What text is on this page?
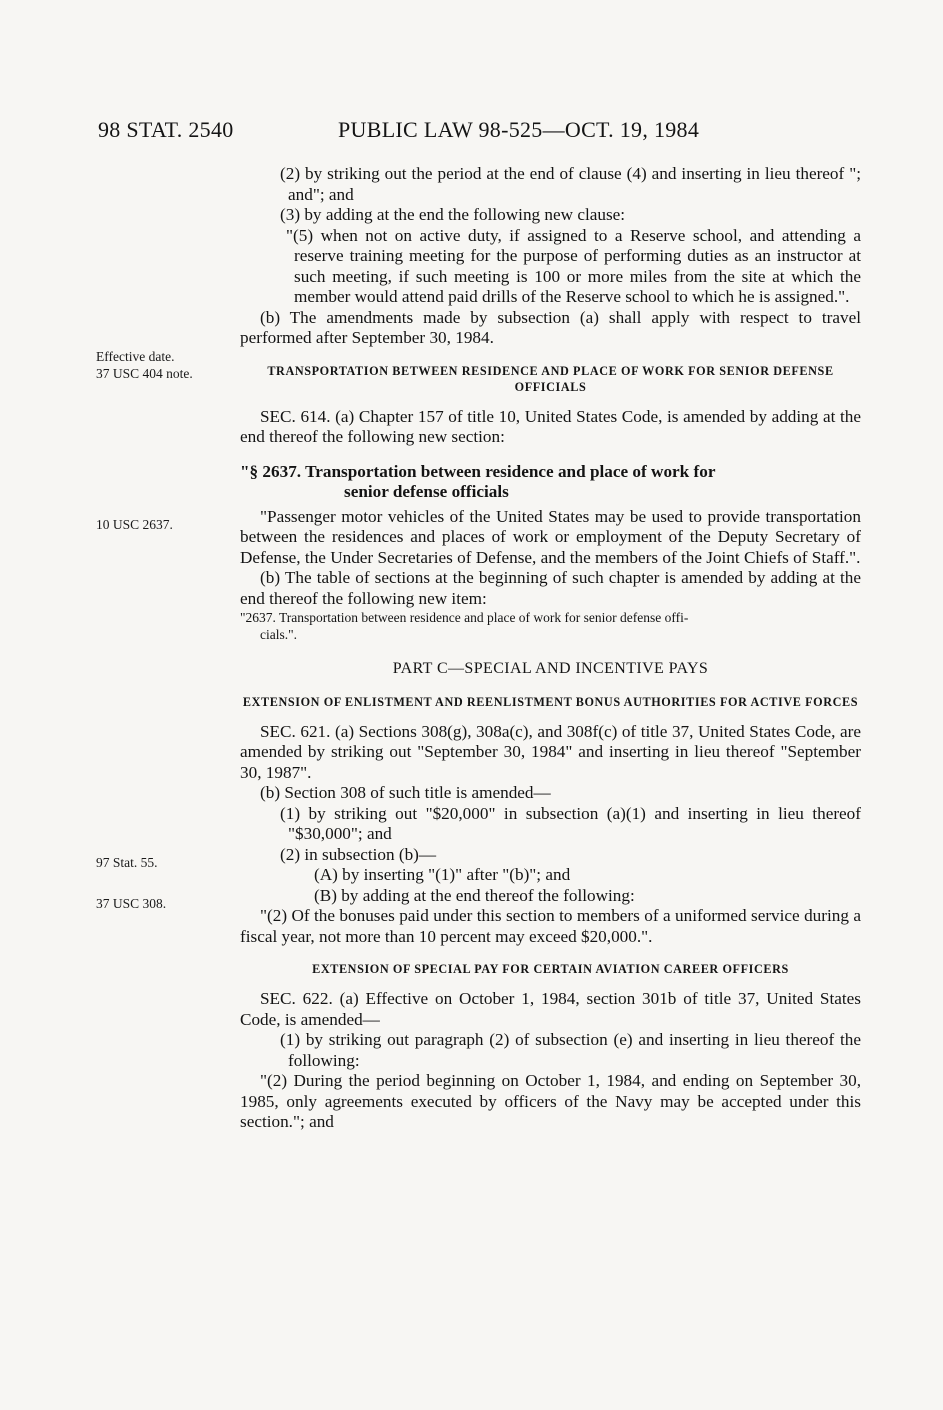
98 STAT. 2540	PUBLIC LAW 98-525—OCT. 19, 1984
Effective date.
37 USC 404 note.
10 USC 2637.
97 Stat. 55.
37 USC 308.

(2) by striking out the period at the end of clause (4) and inserting in lieu thereof "; and"; and

(3) by adding at the end the following new clause:

"(5) when not on active duty, if assigned to a Reserve school, and attending a reserve training meeting for the purpose of performing duties as an instructor at such meeting, if such meeting is 100 or more miles from the site at which the member would attend paid drills of the Reserve school to which he is assigned.".

(b) The amendments made by subsection (a) shall apply with respect to travel performed after September 30, 1984.

TRANSPORTATION BETWEEN RESIDENCE AND PLACE OF WORK FOR SENIOR DEFENSE OFFICIALS

SEC. 614. (a) Chapter 157 of title 10, United States Code, is amended by adding at the end thereof the following new section:

"§ 2637. Transportation between residence and place of work for
senior defense officials

"Passenger motor vehicles of the United States may be used to provide transportation between the residences and places of work or employment of the Deputy Secretary of Defense, the Under Secretaries of Defense, and the members of the Joint Chiefs of Staff.".

(b) The table of sections at the beginning of such chapter is amended by adding at the end thereof the following new item:

"2637. Transportation between residence and place of work for senior defense offi-

cials.".

PART C—SPECIAL AND INCENTIVE PAYS

EXTENSION OF ENLISTMENT AND REENLISTMENT BONUS AUTHORITIES FOR ACTIVE FORCES

SEC. 621. (a) Sections 308(g), 308a(c), and 308f(c) of title 37, United States Code, are amended by striking out "September 30, 1984" and inserting in lieu thereof "September 30, 1987".

(b) Section 308 of such title is amended—

(1) by striking out "$20,000" in subsection (a)(1) and inserting in lieu thereof "$30,000"; and

(2) in subsection (b)—

(A) by inserting "(1)" after "(b)"; and

(B) by adding at the end thereof the following:

"(2) Of the bonuses paid under this section to members of a uniformed service during a fiscal year, not more than 10 percent may exceed $20,000.".

EXTENSION OF SPECIAL PAY FOR CERTAIN AVIATION CAREER OFFICERS

SEC. 622. (a) Effective on October 1, 1984, section 301b of title 37, United States Code, is amended—

(1) by striking out paragraph (2) of subsection (e) and inserting in lieu thereof the following:

"(2) During the period beginning on October 1, 1984, and ending on September 30, 1985, only agreements executed by officers of the Navy may be accepted under this section."; and
